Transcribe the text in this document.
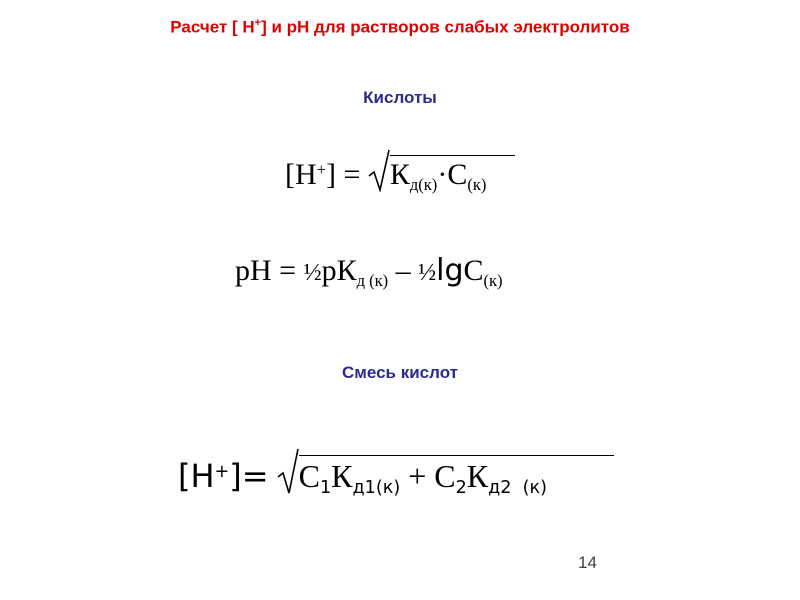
Расчет [ H+] и pH для растворов слабых электролитов
Кислоты
[H+] = Кд(к)·С(к)
pH = ½pКд (к) – ½lgС(к)
Смесь кислот
[H+]= С1Кд1(к) + С2Кд2  (к)
14
